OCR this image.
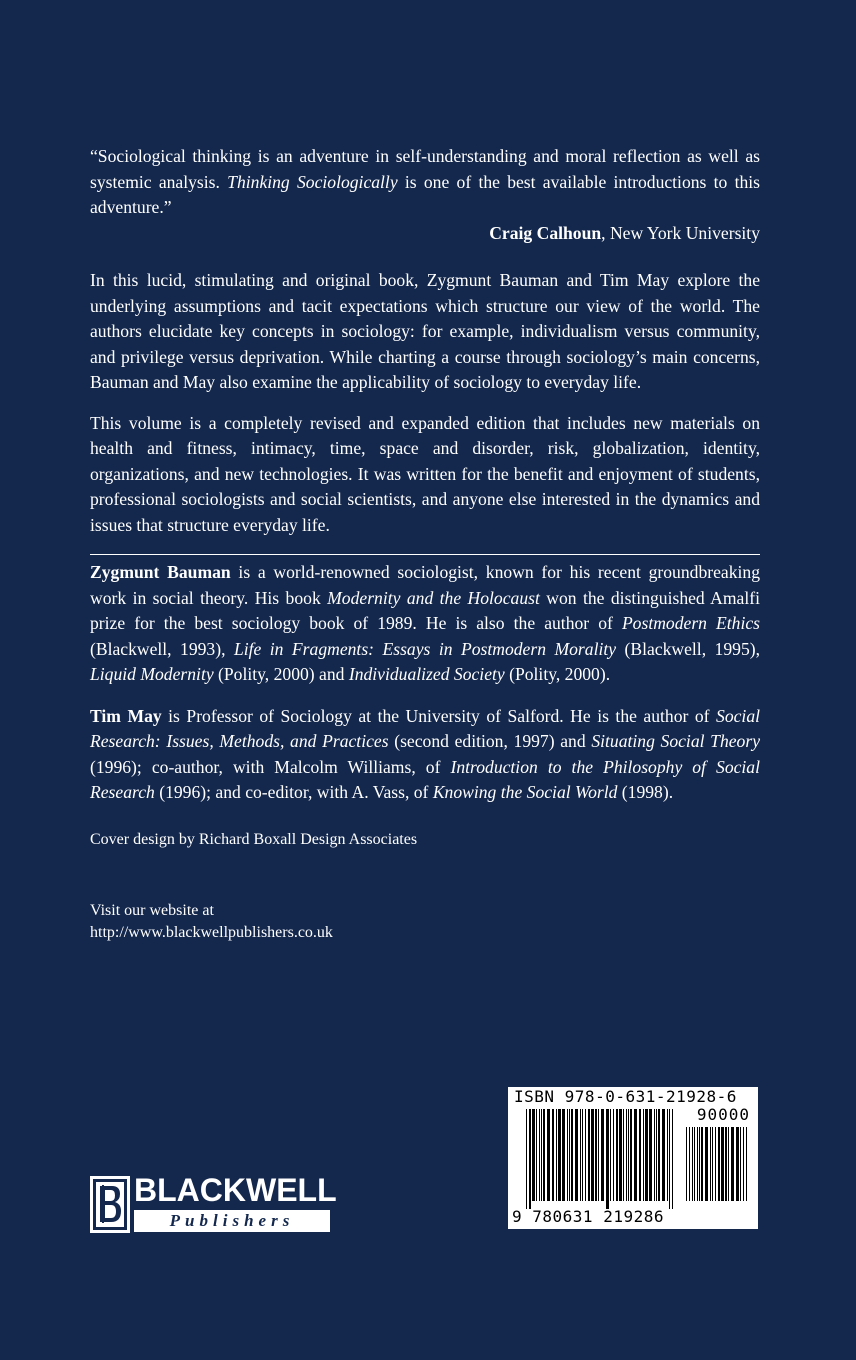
“Sociological thinking is an adventure in self-understanding and moral reflection as well as systemic analysis. Thinking Sociologically is one of the best available introductions to this adventure.”
Craig Calhoun, New York University

In this lucid, stimulating and original book, Zygmunt Bauman and Tim May explore the underlying assumptions and tacit expectations which structure our view of the world. The authors elucidate key concepts in sociology: for example, individualism versus community, and privilege versus deprivation. While charting a course through sociology’s main concerns, Bauman and May also examine the applicability of sociology to everyday life.

This volume is a completely revised and expanded edition that includes new materials on health and fitness, intimacy, time, space and disorder, risk, globalization, identity, organizations, and new technologies. It was written for the benefit and enjoyment of students, professional sociologists and social scientists, and anyone else interested in the dynamics and issues that structure everyday life.

Zygmunt Bauman is a world-renowned sociologist, known for his recent groundbreaking work in social theory. His book Modernity and the Holocaust won the distinguished Amalfi prize for the best sociology book of 1989. He is also the author of Postmodern Ethics (Blackwell, 1993), Life in Fragments: Essays in Postmodern Morality (Blackwell, 1995), Liquid Modernity (Polity, 2000) and Individualized Society (Polity, 2000).

Tim May is Professor of Sociology at the University of Salford. He is the author of Social Research: Issues, Methods, and Practices (second edition, 1997) and Situating Social Theory (1996); co-author, with Malcolm Williams, of Introduction to the Philosophy of Social Research (1996); and co-editor, with A. Vass, of Knowing the Social World (1998).

Cover design by Richard Boxall Design Associates
Visit our website at
http://www.blackwellpublishers.co.uk
BLACKWELL
Publishers
ISBN 978-0-631-21928-6
90000
9 780631 219286
